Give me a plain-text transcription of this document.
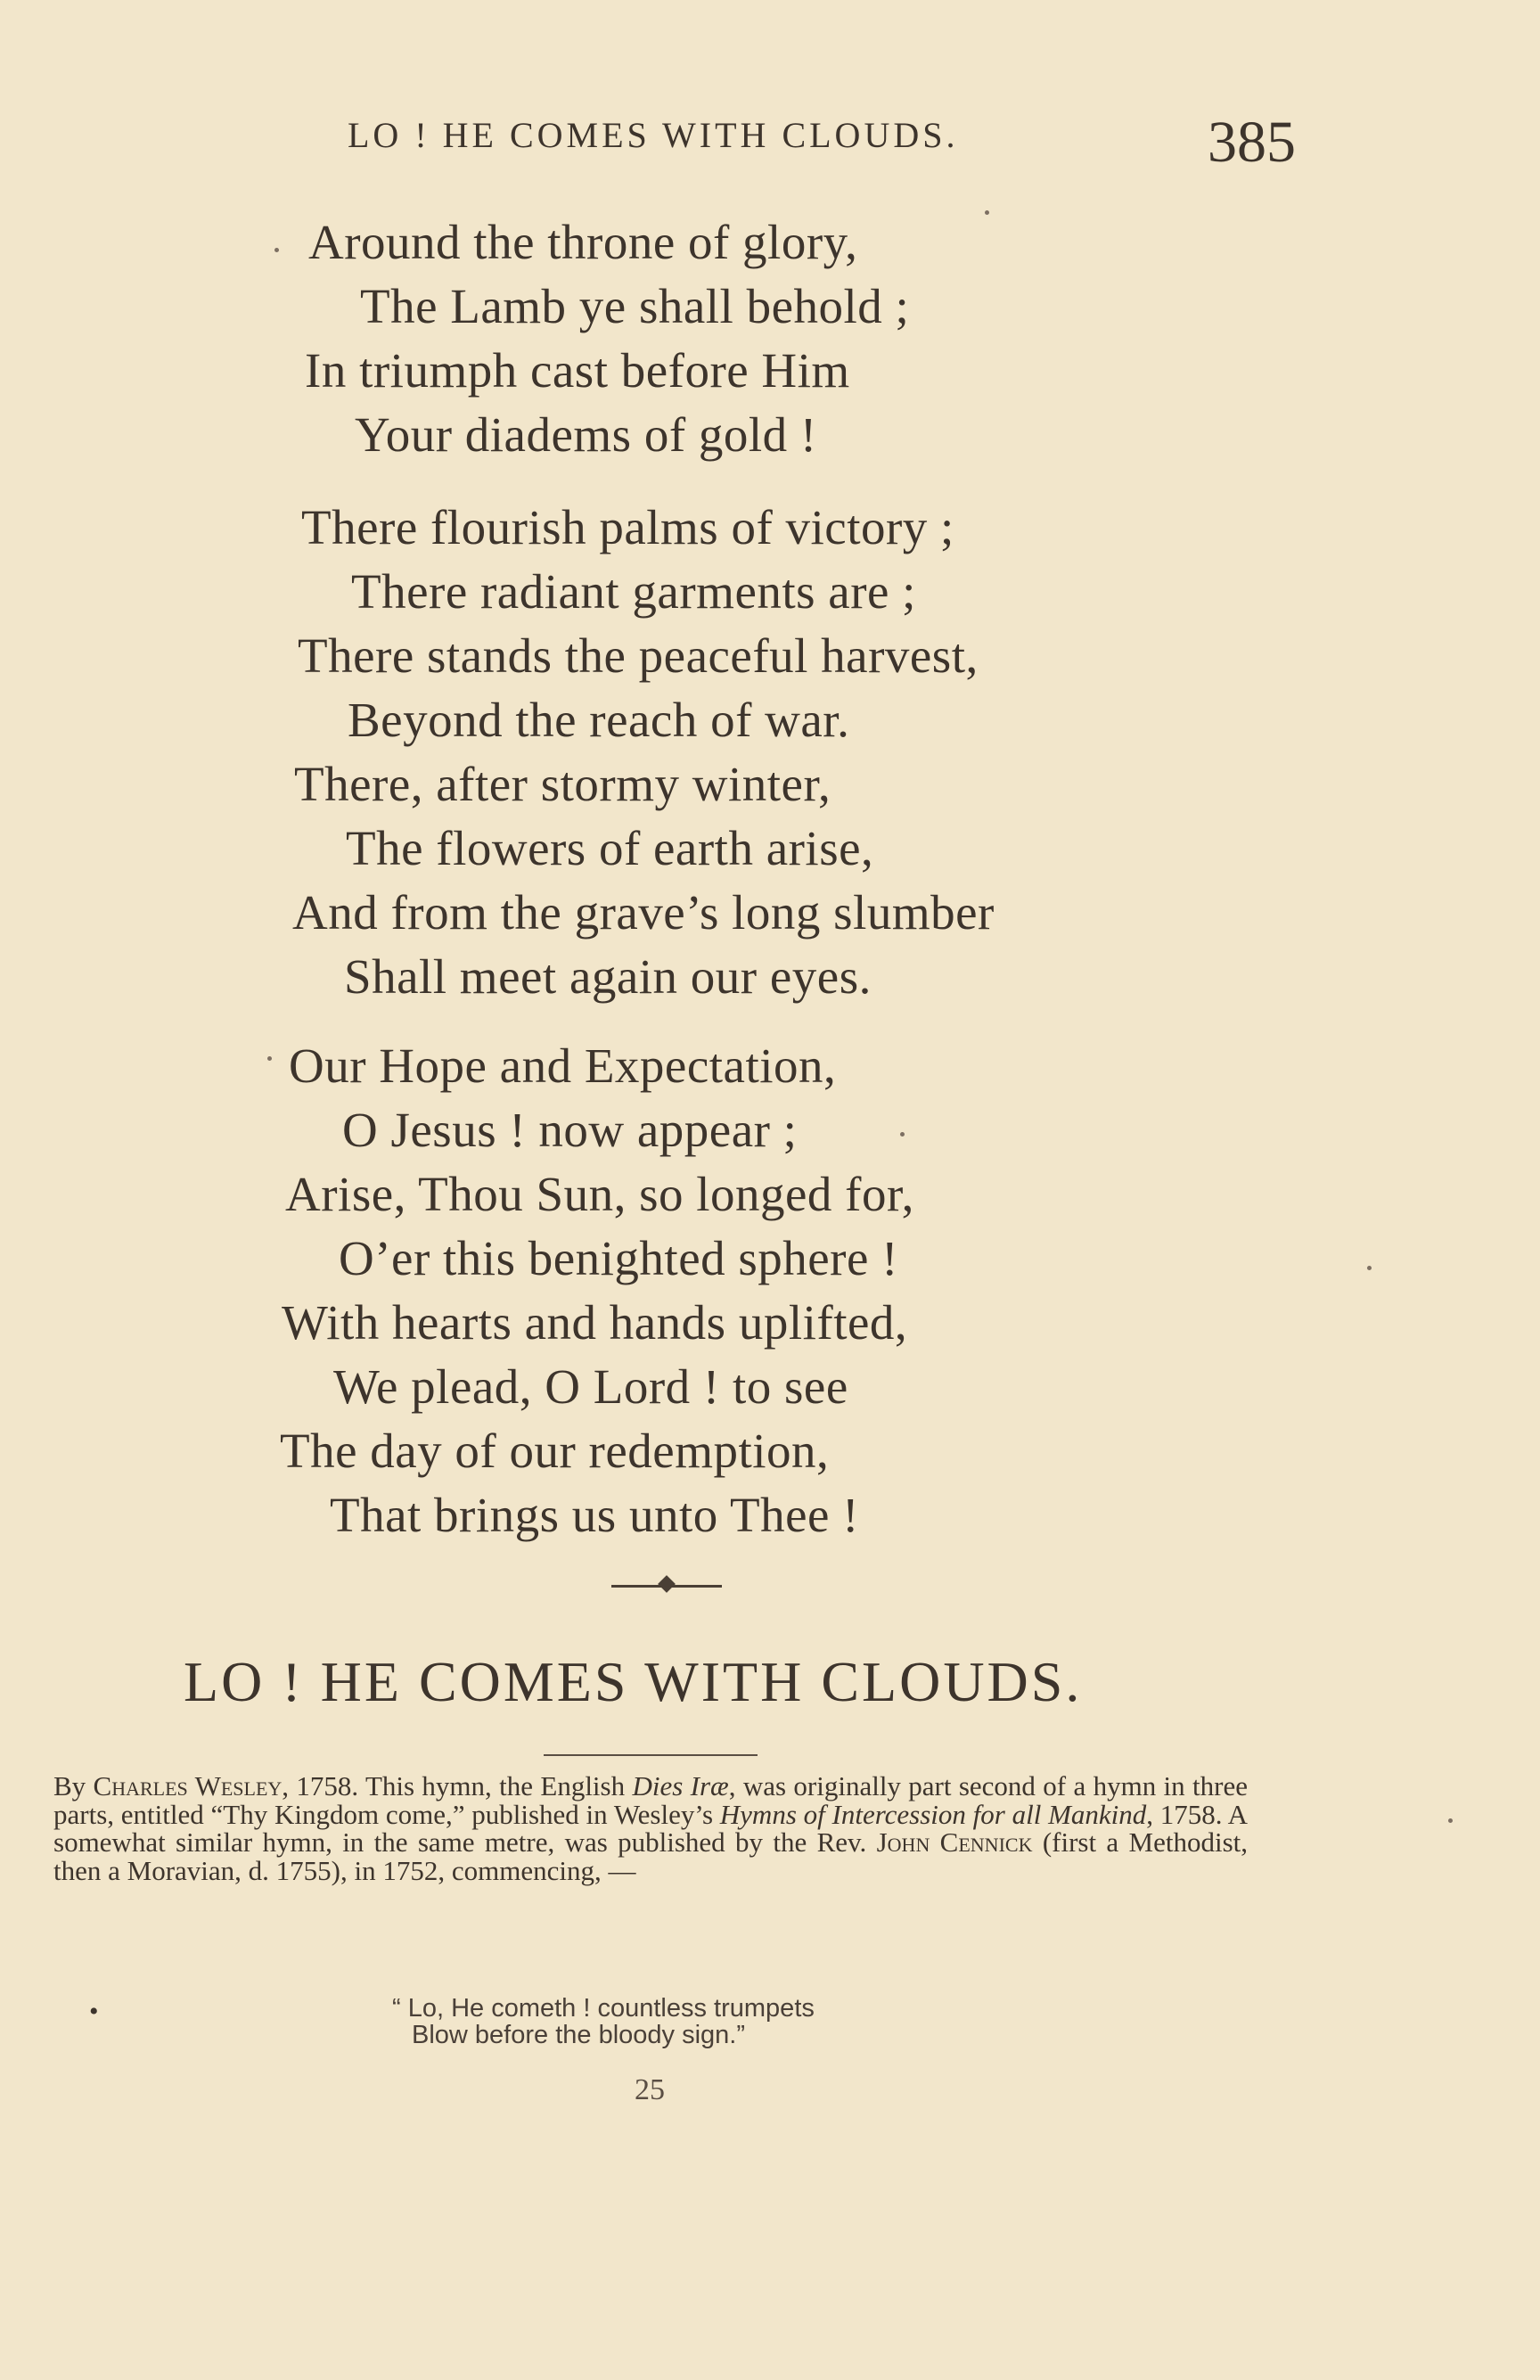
LO ! HE COMES WITH CLOUDS.	385
Around the throne of glory,
The Lamb ye shall behold ;
In triumph cast before Him
Your diadems of gold !
There flourish palms of victory ;
There radiant garments are ;
There stands the peaceful harvest,
Beyond the reach of war.
There, after stormy winter,
The flowers of earth arise,
And from the grave’s long slumber
Shall meet again our eyes.
Our Hope and Expectation,
O Jesus ! now appear ;
Arise, Thou Sun, so longed for,
O’er this benighted sphere !
With hearts and hands uplifted,
We plead, O Lord ! to see
The day of our redemption,
That brings us unto Thee !
LO ! HE COMES WITH CLOUDS.
By Charles Wesley, 1758. This hymn, the English Dies Iræ, was originally part second of a hymn in three parts, entitled “Thy Kingdom come,” published in Wesley’s Hymns of Intercession for all Mankind, 1758. A somewhat similar hymn, in the same metre, was published by the Rev. John Cennick (first a Methodist, then a Moravian, d. 1755), in 1752, commencing, —
•	“ Lo, He cometh ! countless trumpets
Blow before the bloody sign.”
25
